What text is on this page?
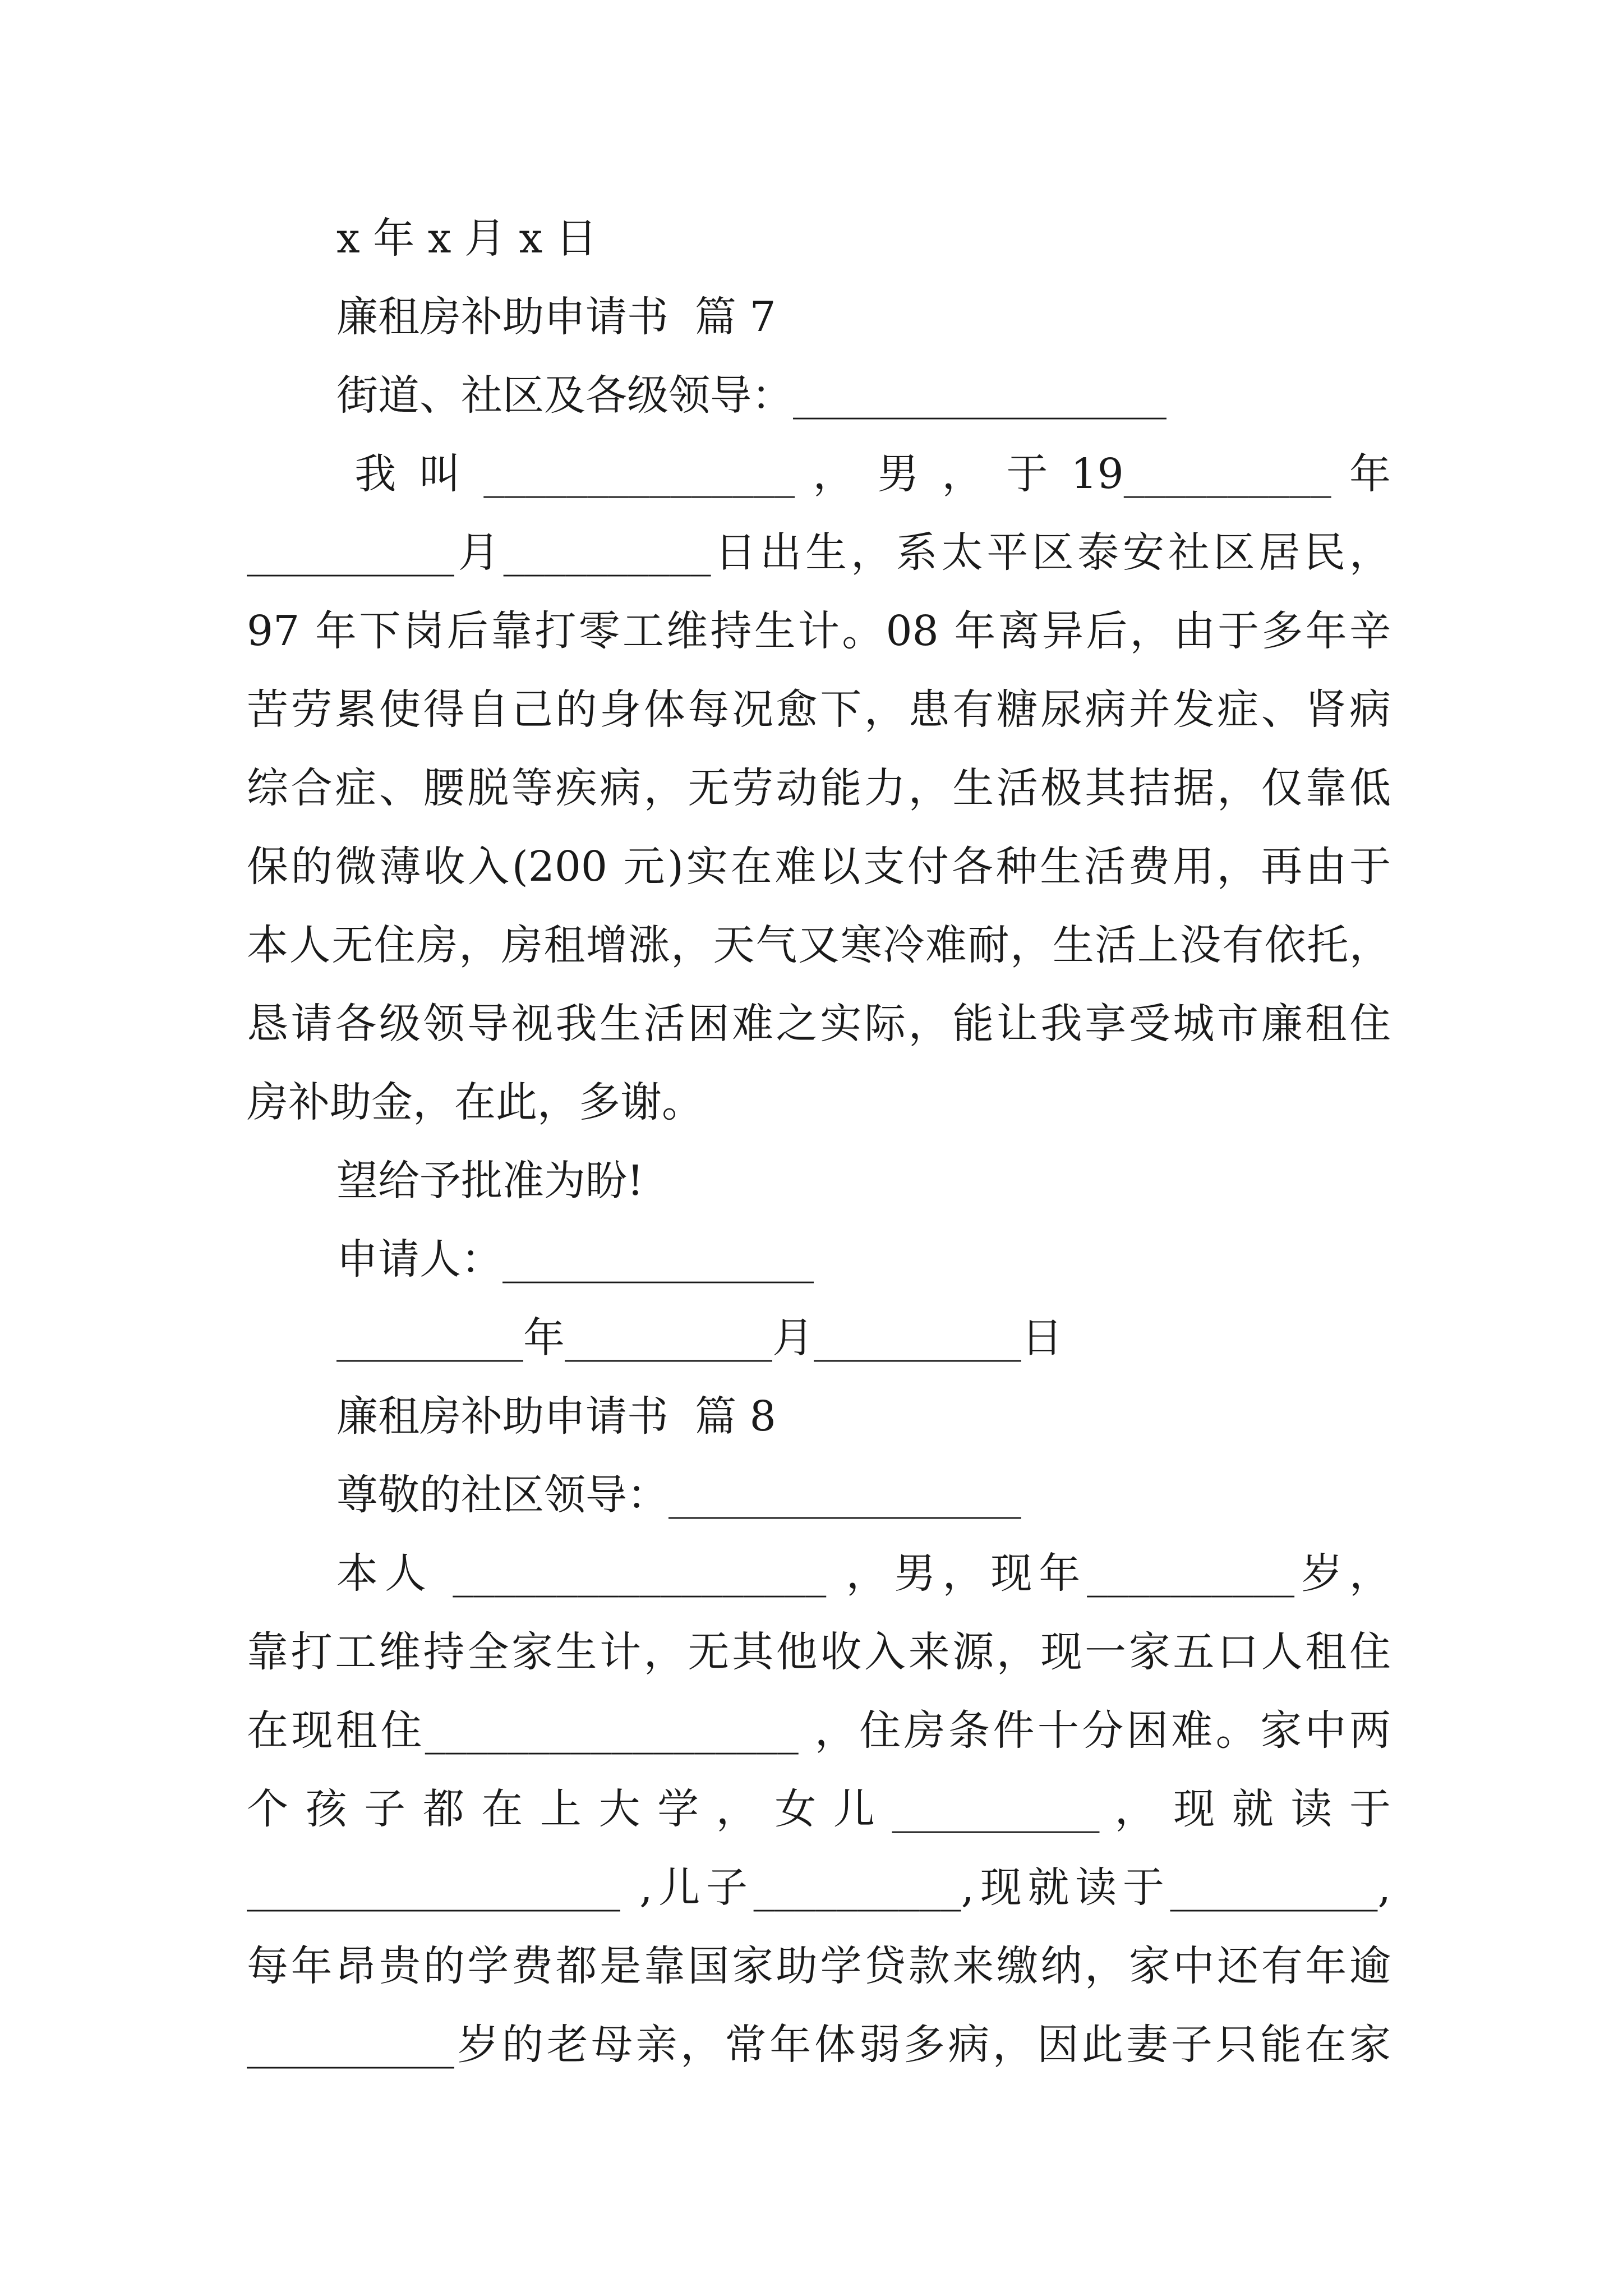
x 年 x 月 x 日
廉租房补助申请书  篇 7
街道、社区及各级领导：__________________
我 叫 _______________ ， 男 ， 于 19__________ 年
__________月__________日出生，系太平区泰安社区居民，
97 年下岗后靠打零工维持生计。08 年离异后，由于多年辛
苦劳累使得自己的身体每况愈下，患有糖尿病并发症、肾病
综合症、腰脱等疾病，无劳动能力，生活极其拮据，仅靠低
保的微薄收入(200 元)实在难以支付各种生活费用，再由于
本人无住房，房租增涨，天气又寒冷难耐，生活上没有依托，
恳请各级领导视我生活困难之实际，能让我享受城市廉租住
房补助金，在此，多谢。
望给予批准为盼!
申请人：_______________
_________年__________月__________日
廉租房补助申请书  篇 8
尊敬的社区领导：_________________
本人 __________________ ，男，现年__________岁，
靠打工维持全家生计，无其他收入来源，现一家五口人租住
在现租住__________________ ，住房条件十分困难。家中两
个 孩 子 都 在 上 大 学 ， 女 儿 __________ ， 现 就 读 于
__________________ ,儿子__________,现就读于__________,
每年昂贵的学费都是靠国家助学贷款来缴纳，家中还有年逾
__________岁的老母亲，常年体弱多病，因此妻子只能在家
